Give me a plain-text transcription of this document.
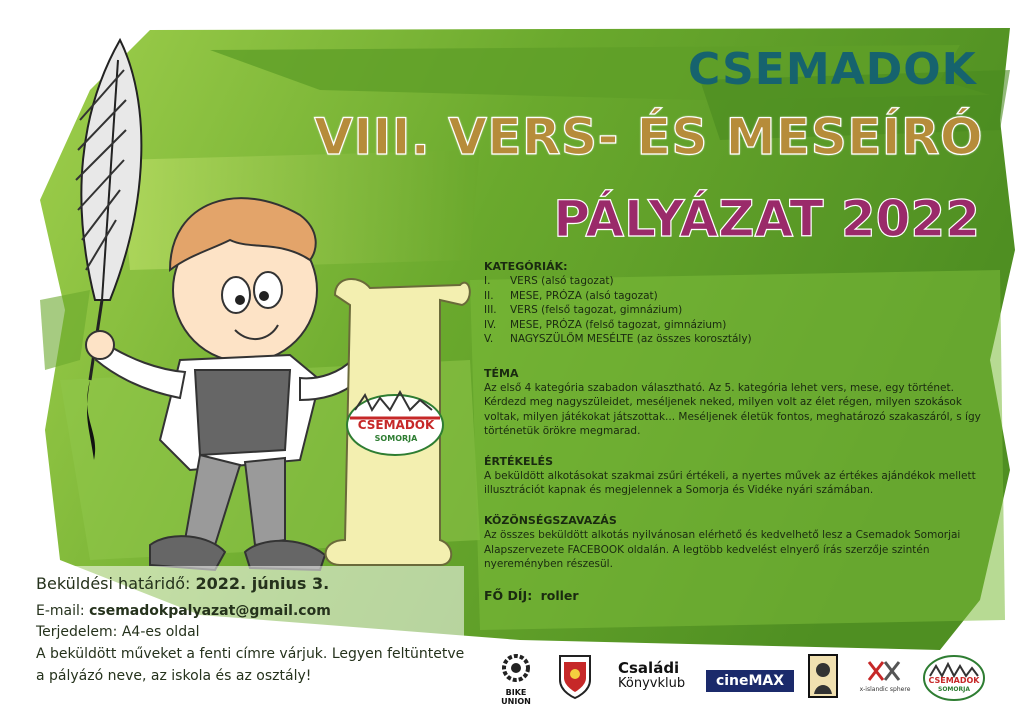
CSEMADOK
SOMORJA
CSEMADOK
VIII. VERS- ÉS MESEÍRÓ
PÁLYÁZAT 2022
KATEGÓRIÁK:
I.	VERS (alsó tagozat)
II.	MESE, PRÓZA (alsó tagozat)
III.	VERS (felső tagozat, gimnázium)
IV.	MESE, PRÓZA (felső tagozat, gimnázium)
V.	NAGYSZÜLŐM MESÉLTE (az összes korosztály)
TÉMA
Az első 4 kategória szabadon választható. Az 5. kategória lehet vers, mese, egy történet. Kérdezd meg nagyszüleidet, meséljenek neked, milyen volt az élet régen, milyen szokások voltak, milyen játékokat játszottak... Meséljenek életük fontos, meghatározó szakaszáról, s így történetük örökre megmarad.
ÉRTÉKELÉS
A beküldött alkotásokat szakmai zsűri értékeli, a nyertes művek az értékes ajándékok mellett illusztrációt kapnak és megjelennek a Somorja és Vidéke nyári számában.
KÖZÖNSÉGSZAVAZÁS
Az összes beküldött alkotás nyilvánosan elérhető és kedvelhető lesz a Csemadok Somorjai Alapszervezete FACEBOOK oldalán. A legtöbb kedvelést elnyerő írás szerzője szintén nyereményben részesül.
FŐ DÍJ: roller
Beküldési határidő: 2022. június 3.
E-mail: csemadokpalyazat@gmail.com
Terjedelem: A4-es oldal
A beküldött műveket a fenti címre várjuk. Legyen feltüntetve a pályázó neve, az iskola és az osztály!
BIKE UNION
Családi
Könyvklub	cineMAX
x-islandic sphere
CSEMADOK
SOMORJA
